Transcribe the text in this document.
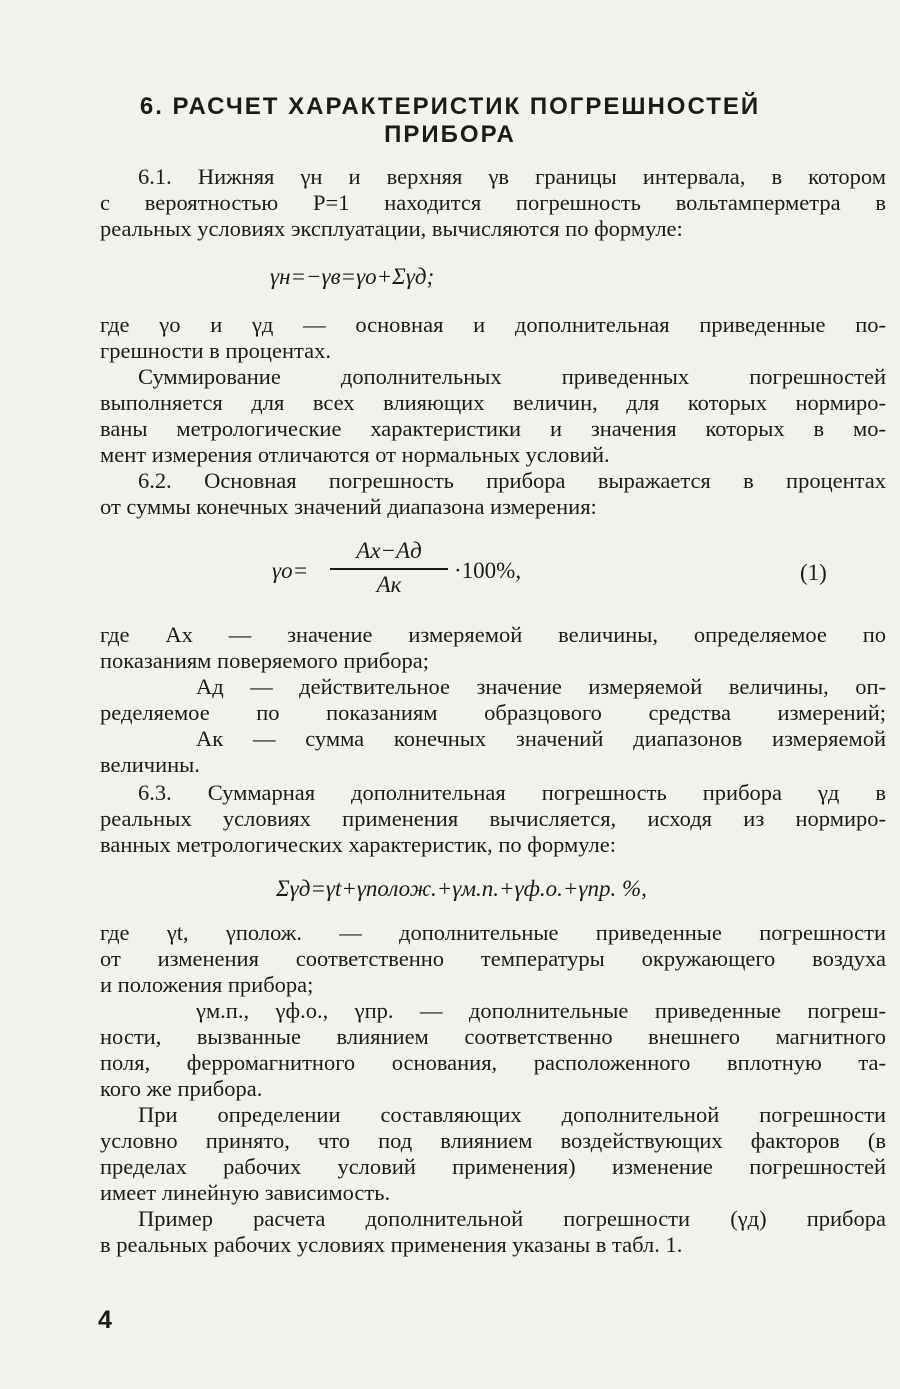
6. РАСЧЕТ ХАРАКТЕРИСТИК ПОГРЕШНОСТЕЙ
ПРИБОРА
6.1. Нижняя γн и верхняя γв границы интервала, в котором
с вероятностью Р=1 находится погрешность вольтамперметра в
реальных условиях эксплуатации, вычисляются по формуле:
γн=−γв=γо+Σγд;
где γо и γд — основная и дополнительная приведенные по-
грешности в процентах.
Суммирование дополнительных приведенных погрешностей
выполняется для всех влияющих величин, для которых нормиро-
ваны метрологические характеристики и значения которых в мо-
мент измерения отличаются от нормальных условий.
6.2. Основная погрешность прибора выражается в процентах
от суммы конечных значений диапазона измерения:
γо=
Ах−Ад
Ак
·100%,	(1)
где Ах — значение измеряемой величины, определяемое по
показаниям поверяемого прибора;
Ад — действительное значение измеряемой величины, оп-
ределяемое по показаниям образцового средства измерений;
Ак — сумма конечных значений диапазонов измеряемой
величины.
6.3. Суммарная дополнительная погрешность прибора γд в
реальных условиях применения вычисляется, исходя из нормиро-
ванных метрологических характеристик, по формуле:
Σγд=γt+γполож.+γм.п.+γф.о.+γпр. %,
где γt, γполож. — дополнительные приведенные погрешности
от изменения соответственно температуры окружающего воздуха
и положения прибора;
γм.п., γф.о., γпр. — дополнительные приведенные погреш-
ности, вызванные влиянием соответственно внешнего магнитного
поля, ферромагнитного основания, расположенного вплотную та-
кого же прибора.
При определении составляющих дополнительной погрешности
условно принято, что под влиянием воздействующих факторов (в
пределах рабочих условий применения) изменение погрешностей
имеет линейную зависимость.
Пример расчета дополнительной погрешности (γд) прибора
в реальных рабочих условиях применения указаны в табл. 1.
4
